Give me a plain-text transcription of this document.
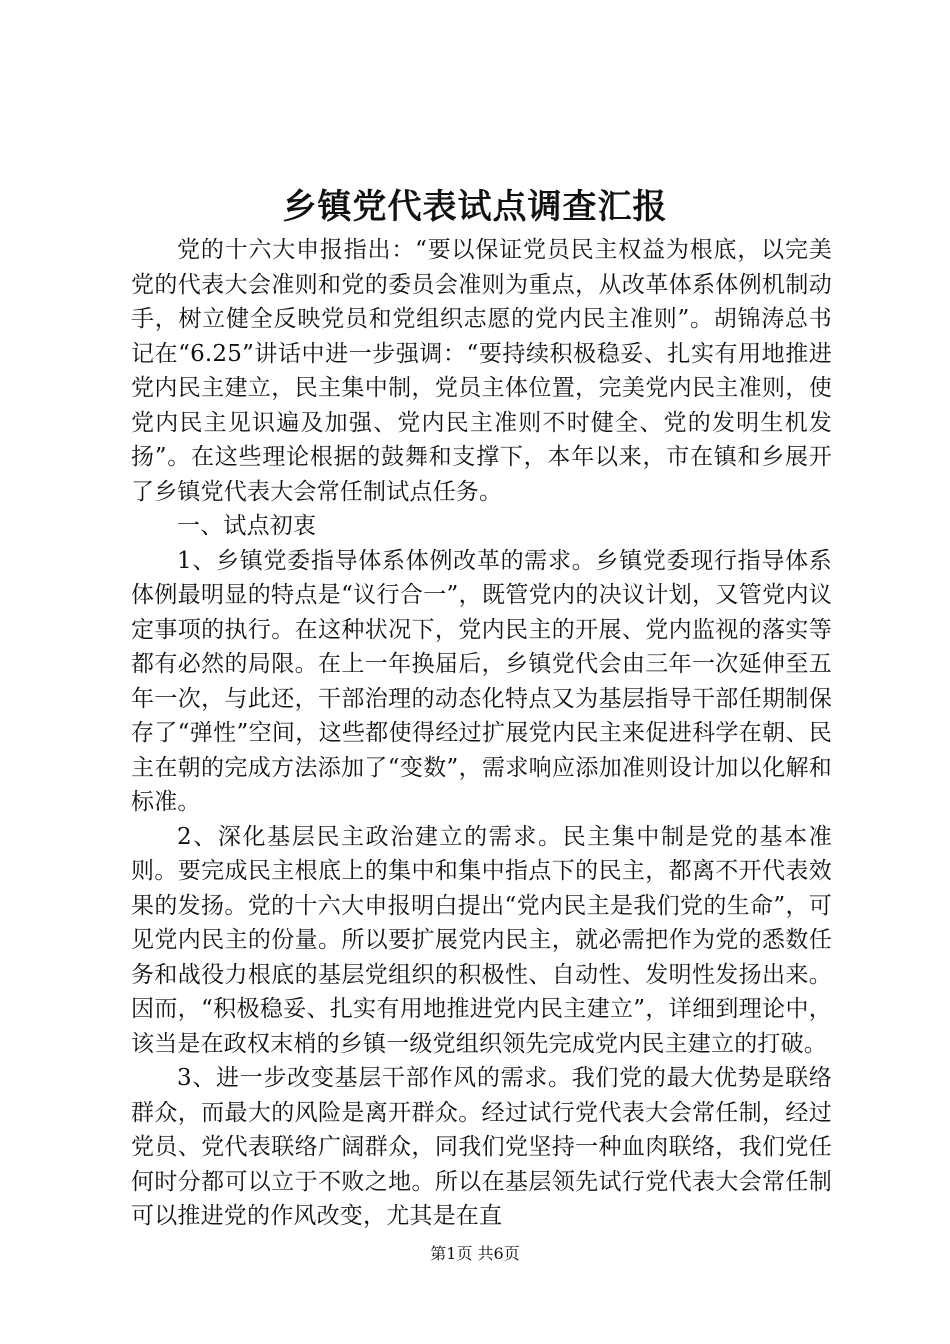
乡镇党代表试点调查汇报

党的十六大申报指出：“要以保证党员民主权益为根底，以完美党的代表大会准则和党的委员会准则为重点，从改革体系体例机制动手，树立健全反映党员和党组织志愿的党内民主准则”。胡锦涛总书记在“6.25”讲话中进一步强调：“要持续积极稳妥、扎实有用地推进党内民主建立，民主集中制，党员主体位置，完美党内民主准则，使党内民主见识遍及加强、党内民主准则不时健全、党的发明生机发扬”。在这些理论根据的鼓舞和支撑下，本年以来，市在镇和乡展开了乡镇党代表大会常任制试点任务。

一、试点初衷

1、乡镇党委指导体系体例改革的需求。乡镇党委现行指导体系体例最明显的特点是“议行合一”，既管党内的决议计划，又管党内议定事项的执行。在这种状况下，党内民主的开展、党内监视的落实等都有必然的局限。在上一年换届后，乡镇党代会由三年一次延伸至五年一次，与此还，干部治理的动态化特点又为基层指导干部任期制保存了“弹性”空间，这些都使得经过扩展党内民主来促进科学在朝、民主在朝的完成方法添加了“变数”，需求响应添加准则设计加以化解和标准。

2、深化基层民主政治建立的需求。民主集中制是党的基本准则。要完成民主根底上的集中和集中指点下的民主，都离不开代表效果的发扬。党的十六大申报明白提出“党内民主是我们党的生命”，可见党内民主的份量。所以要扩展党内民主，就必需把作为党的悉数任务和战役力根底的基层党组织的积极性、自动性、发明性发扬出来。因而，“积极稳妥、扎实有用地推进党内民主建立”，详细到理论中，该当是在政权末梢的乡镇一级党组织领先完成党内民主建立的打破。

3、进一步改变基层干部作风的需求。我们党的最大优势是联络群众，而最大的风险是离开群众。经过试行党代表大会常任制，经过党员、党代表联络广阔群众，同我们党坚持一种血肉联络，我们党任何时分都可以立于不败之地。所以在基层领先试行党代表大会常任制可以推进党的作风改变，尤其是在直

第1页 共6页
